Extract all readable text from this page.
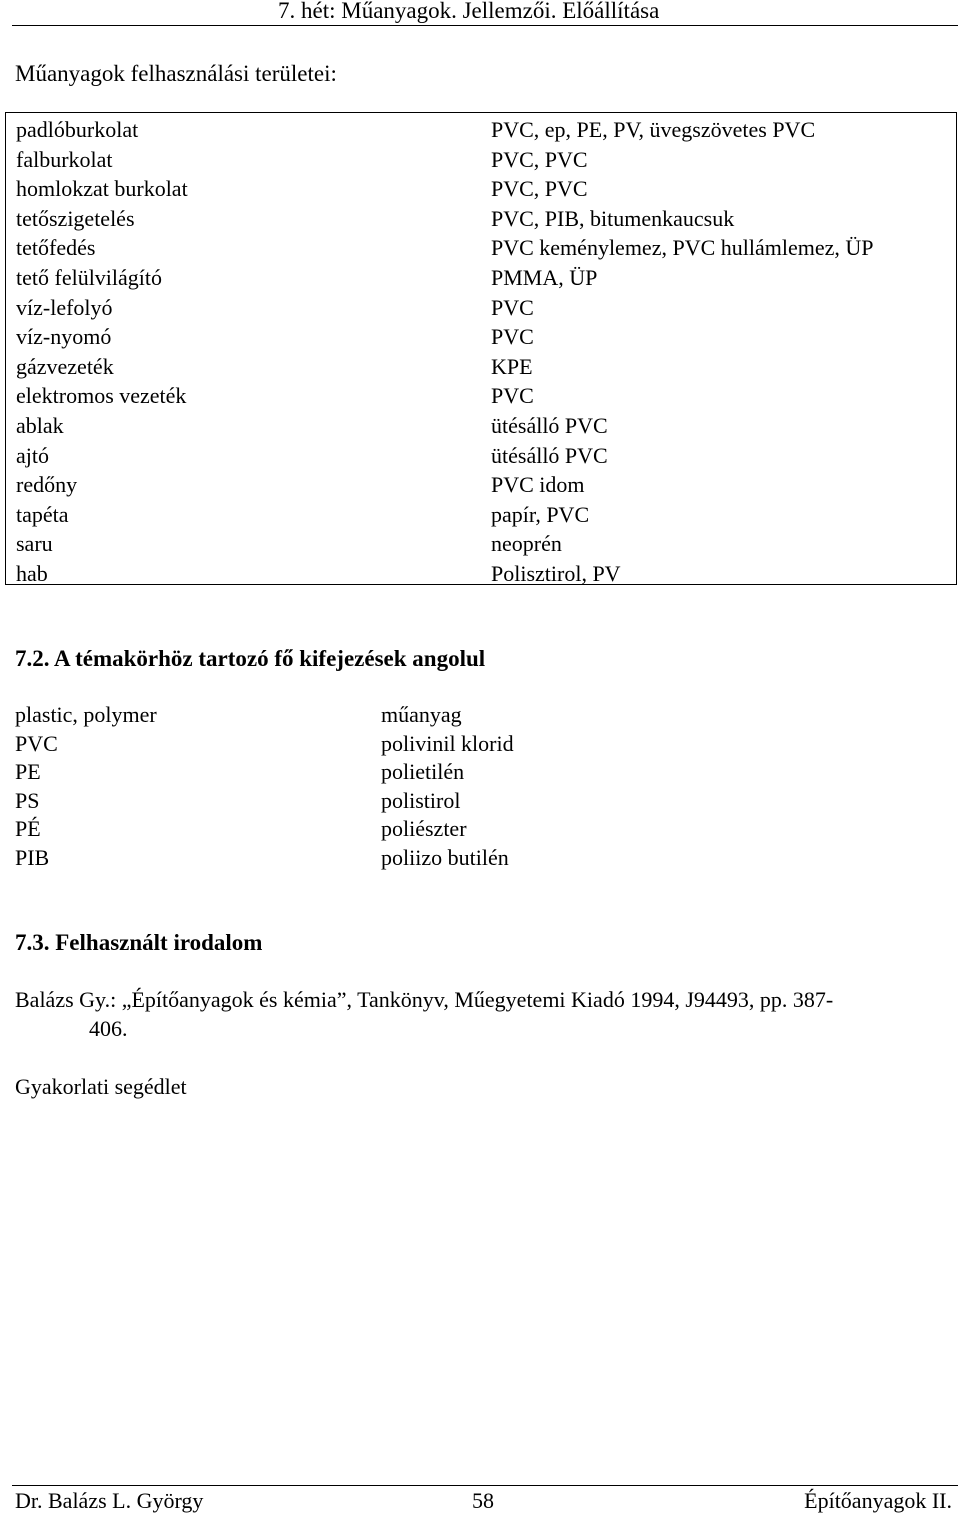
7. hét: Műanyagok. Jellemzői. Előállítása
Műanyagok felhasználási területei:
padlóburkolat
falburkolat
homlokzat burkolat
tetőszigetelés
tetőfedés
tető felülvilágító
víz-lefolyó
víz-nyomó
gázvezeték
elektromos vezeték
ablak
ajtó
redőny
tapéta
saru
hab
PVC, ep, PE, PV, üvegszövetes PVC
PVC, PVC
PVC, PVC
PVC, PIB, bitumenkaucsuk
PVC keménylemez, PVC hullámlemez, ÜP
PMMA, ÜP
PVC
PVC
KPE
PVC
ütésálló PVC
ütésálló PVC
PVC idom
papír, PVC
neoprén
Polisztirol, PV
7.2. A témakörhöz tartozó fő kifejezések angolul
plastic, polymer
PVC
PE
PS
PÉ
PIB
műanyag
polivinil klorid
polietilén
polistirol
poliészter
poliizo butilén
7.3. Felhasznált irodalom
Balázs Gy.: „Építőanyagok és kémia”, Tankönyv, Műegyetemi Kiadó 1994, J94493, pp. 387-
406.
Gyakorlati segédlet
Dr. Balázs L. György	58	Építőanyagok II.
